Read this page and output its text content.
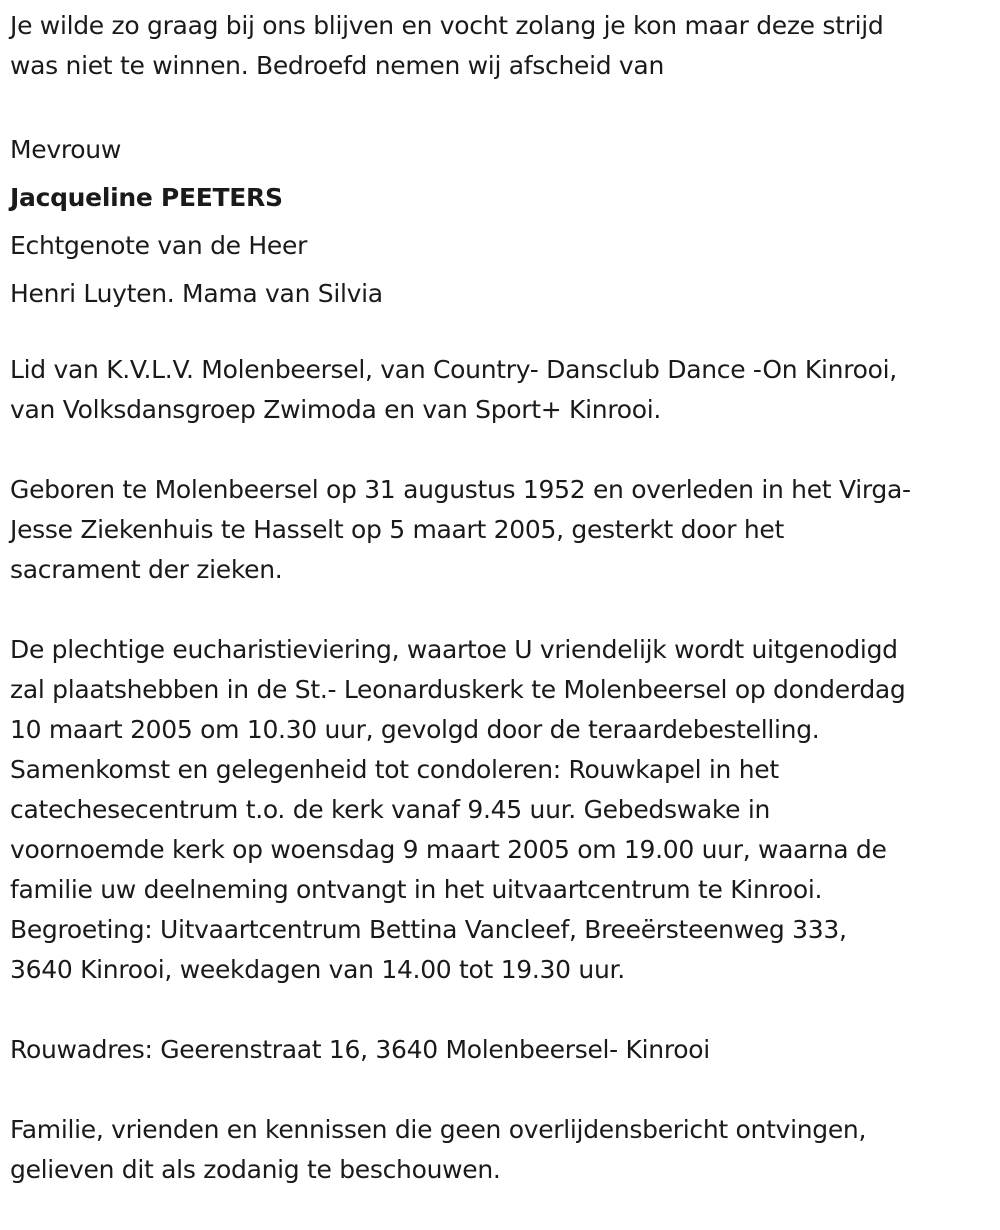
Je wilde zo graag bij ons blijven en vocht zolang je kon maar deze strijd
was niet te winnen. Bedroefd nemen wij afscheid van
Mevrouw
Jacqueline PEETERS
Echtgenote van de Heer
Henri Luyten. Mama van Silvia
Lid van K.V.L.V. Molenbeersel, van Country- Dansclub Dance -On Kinrooi,
van Volksdansgroep Zwimoda en van Sport+ Kinrooi.
Geboren te Molenbeersel op 31 augustus 1952 en overleden in het Virga-
Jesse Ziekenhuis te Hasselt op 5 maart 2005, gesterkt door het
sacrament der zieken.
De plechtige eucharistieviering, waartoe U vriendelijk wordt uitgenodigd
zal plaatshebben in de St.- Leonarduskerk te Molenbeersel op donderdag
10 maart 2005 om 10.30 uur, gevolgd door de teraardebestelling.
Samenkomst en gelegenheid tot condoleren: Rouwkapel in het
catechesecentrum t.o. de kerk vanaf 9.45 uur. Gebedswake in
voornoemde kerk op woensdag 9 maart 2005 om 19.00 uur, waarna de
familie uw deelneming ontvangt in het uitvaartcentrum te Kinrooi.
Begroeting: Uitvaartcentrum Bettina Vancleef, Breeërsteenweg 333,
3640 Kinrooi, weekdagen van 14.00 tot 19.30 uur.
Rouwadres: Geerenstraat 16, 3640 Molenbeersel- Kinrooi
Familie, vrienden en kennissen die geen overlijdensbericht ontvingen,
gelieven dit als zodanig te beschouwen.
